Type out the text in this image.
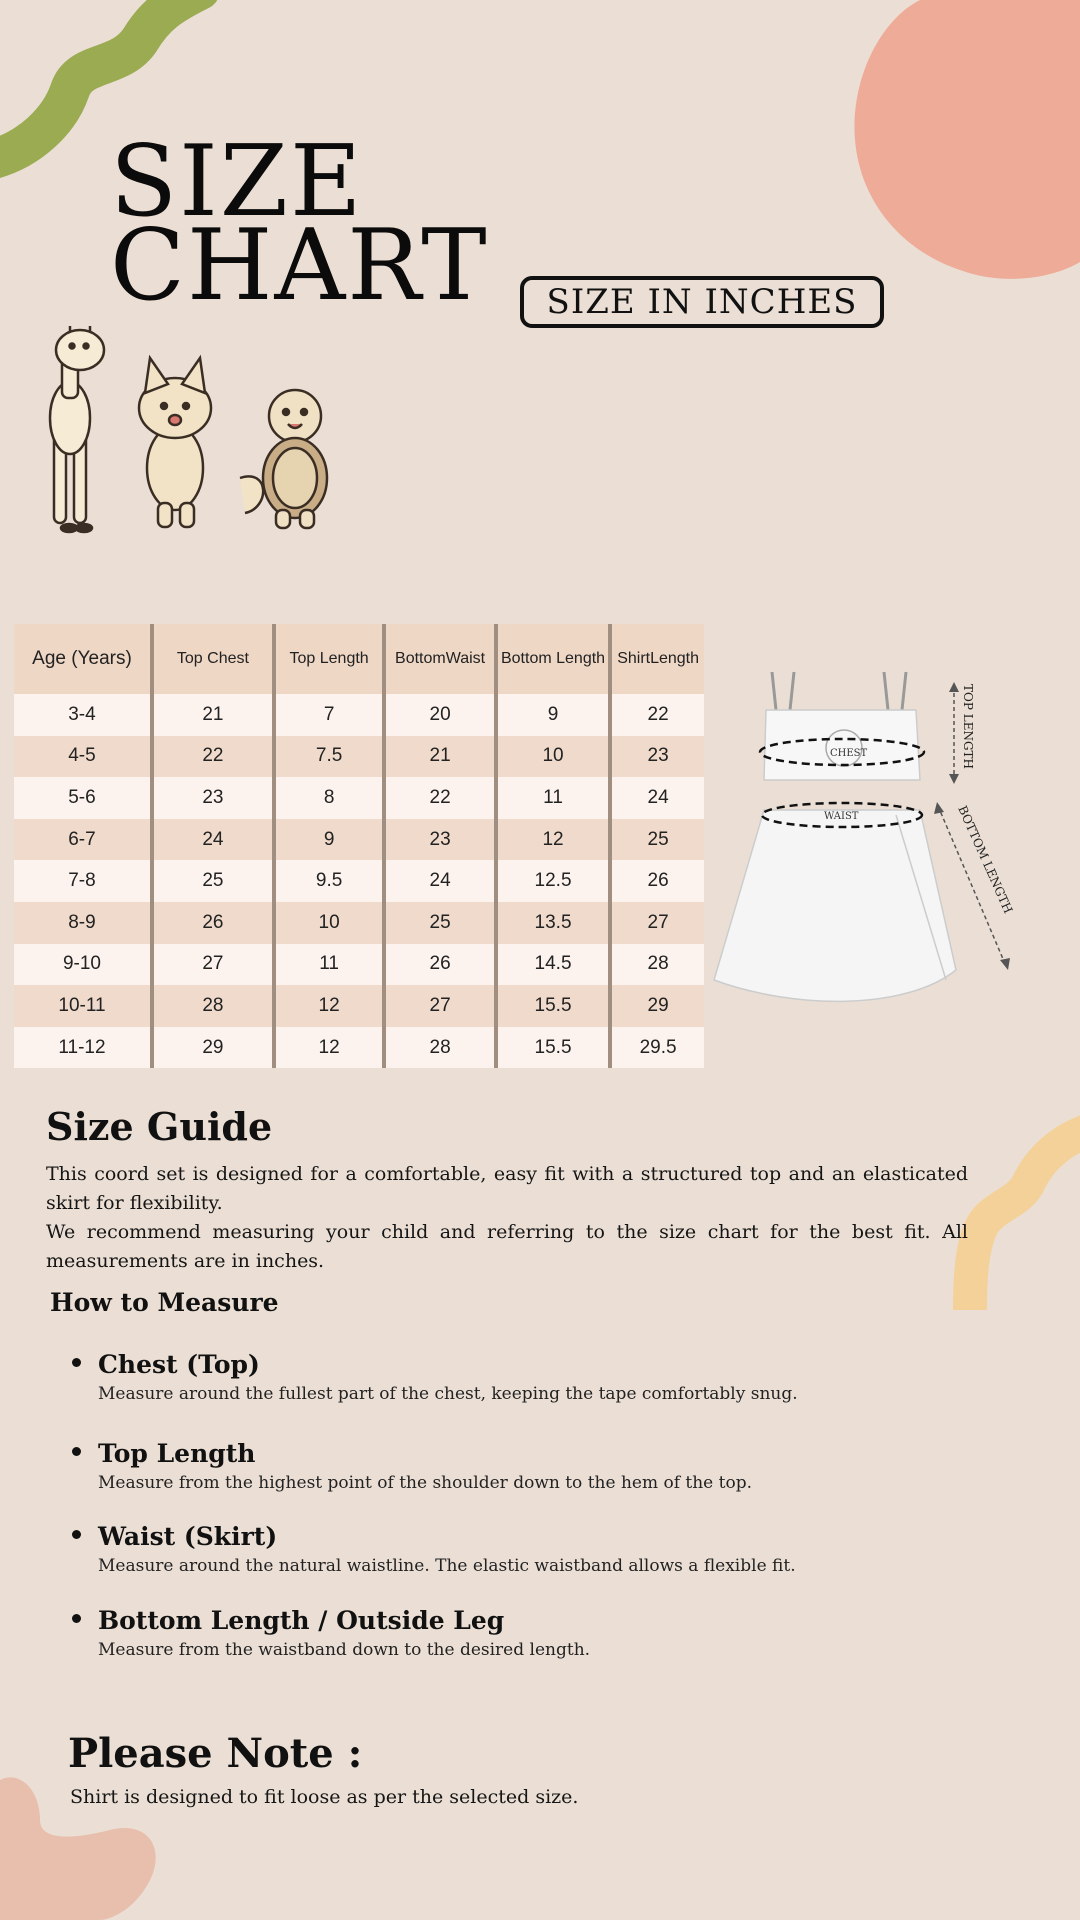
SIZE
CHART	SIZE IN INCHES
Age (Years)	Top Chest	Top Length	BottomWaist	Bottom Length	ShirtLength
3-4	21	7	20	9	22
4-5	22	7.5	21	10	23
5-6	23	8	22	11	24
6-7	24	9	23	12	25
7-8	25	9.5	24	12.5	26
8-9	26	10	25	13.5	27
9-10	27	11	26	14.5	28
10-11	28	12	27	15.5	29
11-12	29	12	28	15.5	29.5
CHEST
WAIST
TOP LENGTH
BOTTOM LENGTH
Size Guide

This coord set is designed for a comfortable, easy fit with a structured top and an elasticated skirt for flexibility.

We recommend measuring your child and referring to the size chart for the best fit. All measurements are in inches.

How to Measure
Chest (Top)

Measure around the fullest part of the chest, keeping the tape comfortably snug.

Top Length

Measure from the highest point of the shoulder down to the hem of the top.

Waist (Skirt)

Measure around the natural waistline. The elastic waistband allows a flexible fit.

Bottom Length / Outside Leg

Measure from the waistband down to the desired length.

Please Note :

Shirt is designed to fit loose as per the selected size.
